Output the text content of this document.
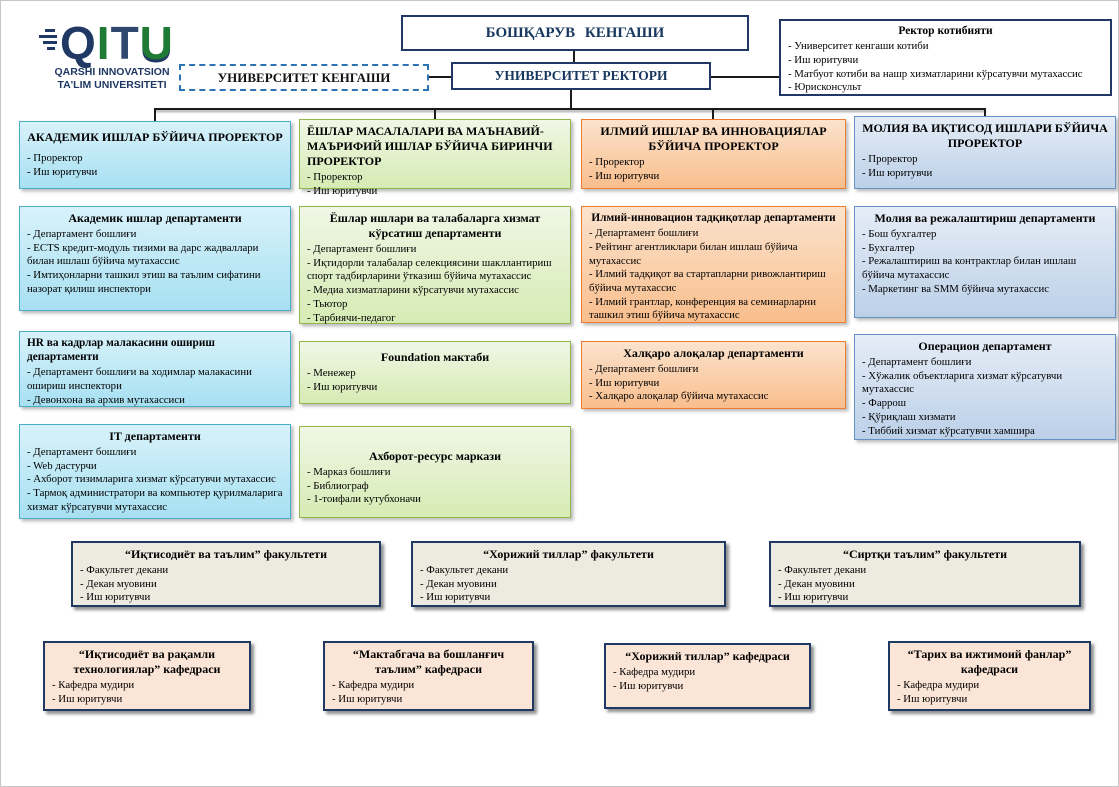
QITU
QARSHI INNOVATSION
TA'LIM UNIVERSITETI
БОШҚАРУВ КЕНГАШИ
УНИВЕРСИТЕТ КЕНГАШИ	УНИВЕРСИТЕТ РЕКТОРИ
Ректор котибияти
- Университет кенгаши котиби
- Иш юритувчи
- Матбуот котиби ва нашр хизматларини кўрсатувчи мутахассис
- Юрисконсульт
АКАДЕМИК ИШЛАР БЎЙИЧА ПРОРЕКТОР
- Проректор
- Иш юритувчи
Академик ишлар департаменти
- Департамент бошлиғи
- ECTS кредит-модуль тизими ва дарс жадваллари билан ишлаш бўйича мутахассис
- Имтиҳонларни ташкил этиш ва таълим сифатини назорат қилиш инспектори
HR ва кадрлар малакасини ошириш департаменти
- Департамент бошлиғи ва ходимлар малакасини ошириш инспектори
- Девонхона ва архив мутахассиси
IT департаменти
- Департамент бошлиғи
- Web дастурчи
- Ахборот тизимларига хизмат кўрсатувчи мутахассис
- Тармоқ администратори ва компьютер қурилмаларига хизмат кўрсатувчи мутахассис
ЁШЛАР МАСАЛАЛАРИ ВА МАЪНАВИЙ-МАЪРИФИЙ ИШЛАР БЎЙИЧА БИРИНЧИ ПРОРЕКТОР
- Проректор
- Иш юритувчи
Ёшлар ишлари ва талабаларга хизмат кўрсатиш департаменти
- Департамент бошлиғи
- Иқтидорли талабалар селекциясини шакллантириш спорт тадбирларини ўтказиш бўйича мутахассис
- Медиа хизматларини кўрсатувчи мутахассис
- Тьютор
- Тарбиячи-педагог
Foundation мактаби
- Менежер
- Иш юритувчи
Ахборот-ресурс маркази
- Марказ бошлиғи
- Библиограф
- 1-тоифали кутубхоначи
ИЛМИЙ ИШЛАР ВА ИННОВАЦИЯЛАР БЎЙИЧА ПРОРЕКТОР
- Проректор
- Иш юритувчи
Илмий-инновацион тадқиқотлар департаменти
- Департамент бошлиғи
- Рейтинг агентликлари билан ишлаш бўйича мутахассис
- Илмий тадқиқот ва стартапларни ривожлантириш бўйича мутахассис
- Илмий грантлар, конференция ва семинарларни ташкил этиш бўйича мутахассис
Халқаро алоқалар департаменти
- Департамент бошлиғи
- Иш юритувчи
- Халқаро алоқалар бўйича мутахассис
МОЛИЯ ВА ИҚТИСОД ИШЛАРИ БЎЙИЧА ПРОРЕКТОР
- Проректор
- Иш юритувчи
Молия ва режалаштириш департаменти
- Бош бухгалтер
- Бухгалтер
- Режалаштириш ва контрактлар билан ишлаш бўйича мутахассис
- Маркетинг ва SMM бўйича мутахассис
Операцион департамент
- Департамент бошлиғи
- Хўжалик объектларига хизмат кўрсатувчи мутахассис
- Фаррош
- Қўриқлаш хизмати
- Тиббий хизмат кўрсатувчи хамшира
“Иқтисодиёт ва таълим” факультети
- Факультет декани
- Декан муовини
- Иш юритувчи
“Хорижий тиллар” факультети
- Факультет декани
- Декан муовини
- Иш юритувчи
“Сиртқи таълим” факультети
- Факультет декани
- Декан муовини
- Иш юритувчи
“Иқтисодиёт ва рақамли технологиялар” кафедраси
- Кафедра мудири
- Иш юритувчи
“Мактабгача ва бошланғич таълим” кафедраси
- Кафедра мудири
- Иш юритувчи
“Хорижий тиллар” кафедраси
- Кафедра мудири
- Иш юритувчи
“Тарих ва ижтимоий фанлар” кафедраси
- Кафедра мудири
- Иш юритувчи
